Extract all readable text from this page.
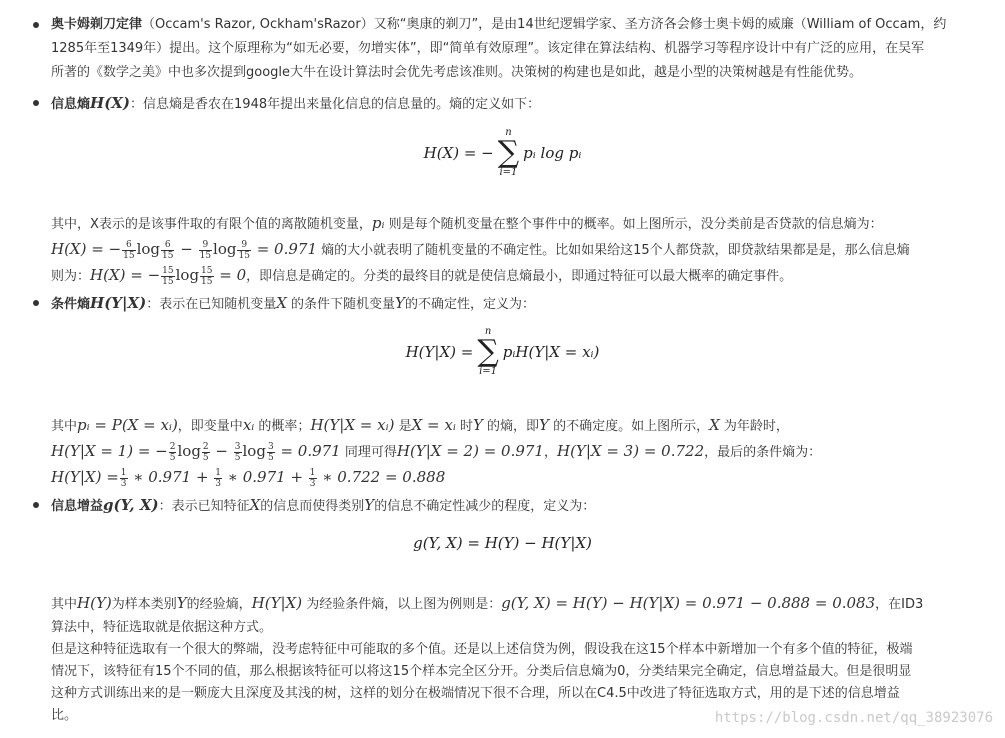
奥卡姆剃刀定律（Occam's Razor, Ockham'sRazor）又称“奥康的剃刀”，是由14世纪逻辑学家、圣方济各会修士奥卡姆的威廉（William of Occam，约

1285年至1349年）提出。这个原理称为“如无必要，勿增实体”，即“简单有效原理”。该定律在算法结构、机器学习等程序设计中有广泛的应用，在吴军

所著的《数学之美》中也多次提到google大牛在设计算法时会优先考虑该准则。决策树的构建也是如此，越是小型的决策树越是有性能优势。

信息熵H(X)：信息熵是香农在1948年提出来量化信息的信息量的。熵的定义如下：

H(X) = −
n
∑
i=1
pᵢ log pᵢ

其中，X表示的是该事件取的有限个值的离散随机变量，pᵢ 则是每个随机变量在整个事件中的概率。如上图所示，没分类前是否贷款的信息熵为：

H(X) = − $\frac{6}{15}$ $\log \frac{6}{15} - \frac{9}{15}$ $\log \frac{9}{15} = 0.971$ 熵的大小就表明了随机变量的不确定性。比如如果给这15个人都贷款，即贷款结果都是是，那么信息熵

则为：H(X) = − $\frac{15}{15}$ $\log \frac{15}{15} = 0$，即信息是确定的。分类的最终目的就是使信息熵最小，即通过特征可以最大概率的确定事件。

条件熵H(Y|X)：表示在已知随机变量X 的条件下随机变量Y的不确定性，定义为：

H(Y|X) =
n
∑
i=1
pᵢH(Y|X = xᵢ)

其中pᵢ = P(X = xᵢ)，即变量中xᵢ 的概率；H(Y|X = xᵢ) 是X = xᵢ 时Y 的熵，即Y 的不确定度。如上图所示，X 为年龄时，

H(Y|X = 1) = − $\frac{2}{5}$ $\log \frac{2}{5} - \frac{3}{5}$ $\log \frac{3}{5} = 0.971$ 同理可得H(Y|X = 2) = 0.971，H(Y|X = 3) = 0.722，最后的条件熵为：

$H(Y|X) = \frac{1}{3}$ ∗ $0.971 + \frac{1}{3}$ ∗ $0.971 + \frac{1}{3}$ ∗ 0.722 = 0.888

信息增益g(Y, X)：表示已知特征X的信息而使得类别Y的信息不确定性减少的程度，定义为：

g(Y, X) = H(Y) − H(Y|X)

其中H(Y)为样本类别Y的经验熵，H(Y|X) 为经验条件熵，以上图为例则是：g(Y, X) = H(Y) − H(Y|X) = 0.971 − 0.888 = 0.083，在ID3

算法中，特征选取就是依据这种方式。

但是这种特征选取有一个很大的弊端，没考虑特征中可能取的多个值。还是以上述信贷为例，假设我在这15个样本中新增加一个有多个值的特征，极端

情况下，该特征有15个不同的值，那么根据该特征可以将这15个样本完全区分开。分类后信息熵为0，分类结果完全确定，信息增益最大。但是很明显

这种方式训练出来的是一颗庞大且深度及其浅的树，这样的划分在极端情况下很不合理，所以在C4.5中改进了特征选取方式，用的是下述的信息增益

比。	https://blog.csdn.net/qq_38923076
